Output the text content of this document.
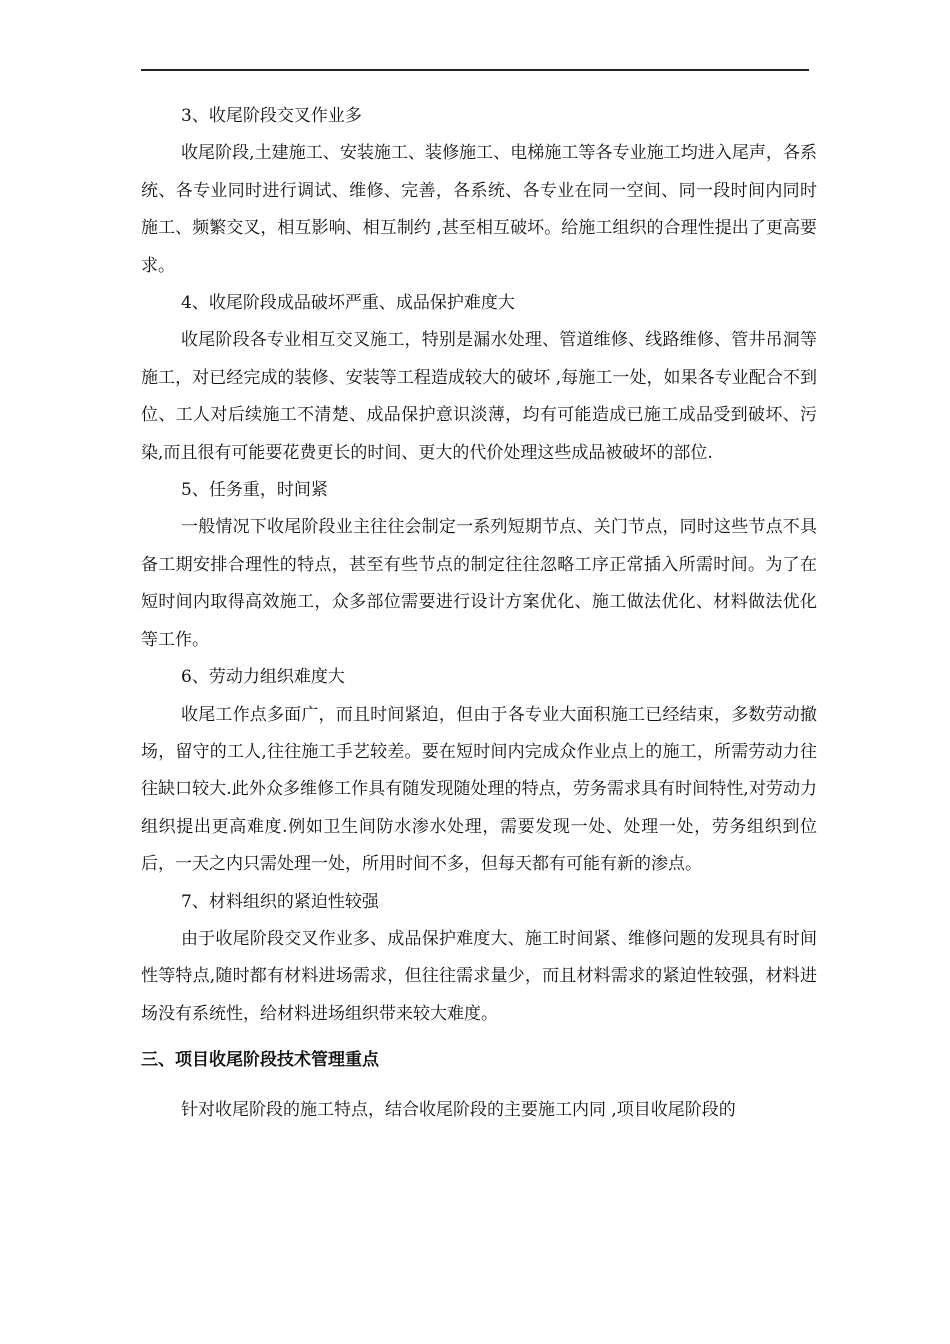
3、收尾阶段交叉作业多

收尾阶段,土建施工、安装施工、装修施工、电梯施工等各专业施工均进入尾声，各系统、各专业同时进行调试、维修、完善，各系统、各专业在同一空间、同一段时间内同时施工、频繁交叉，相互影响、相互制约 ,甚至相互破坏。给施工组织的合理性提出了更高要求。

4、收尾阶段成品破坏严重、成品保护难度大

收尾阶段各专业相互交叉施工，特别是漏水处理、管道维修、线路维修、管井吊洞等施工，对已经完成的装修、安装等工程造成较大的破坏 ,每施工一处，如果各专业配合不到位、工人对后续施工不清楚、成品保护意识淡薄，均有可能造成已施工成品受到破坏、污染,而且很有可能要花费更长的时间、更大的代价处理这些成品被破坏的部位.

5、任务重，时间紧

一般情况下收尾阶段业主往往会制定一系列短期节点、关门节点，同时这些节点不具备工期安排合理性的特点，甚至有些节点的制定往往忽略工序正常插入所需时间。为了在短时间内取得高效施工，众多部位需要进行设计方案优化、施工做法优化、材料做法优化等工作。

6、劳动力组织难度大

收尾工作点多面广，而且时间紧迫，但由于各专业大面积施工已经结束，多数劳动撤场，留守的工人,往往施工手艺较差。要在短时间内完成众作业点上的施工，所需劳动力往往缺口较大.此外众多维修工作具有随发现随处理的特点，劳务需求具有时间特性,对劳动力组织提出更高难度.例如卫生间防水渗水处理，需要发现一处、处理一处，劳务组织到位后，一天之内只需处理一处，所用时间不多，但每天都有可能有新的渗点。

7、材料组织的紧迫性较强

由于收尾阶段交叉作业多、成品保护难度大、施工时间紧、维修问题的发现具有时间性等特点,随时都有材料进场需求，但往往需求量少，而且材料需求的紧迫性较强，材料进场没有系统性，给材料进场组织带来较大难度。

三、项目收尾阶段技术管理重点

针对收尾阶段的施工特点，结合收尾阶段的主要施工内同 ,项目收尾阶段的
